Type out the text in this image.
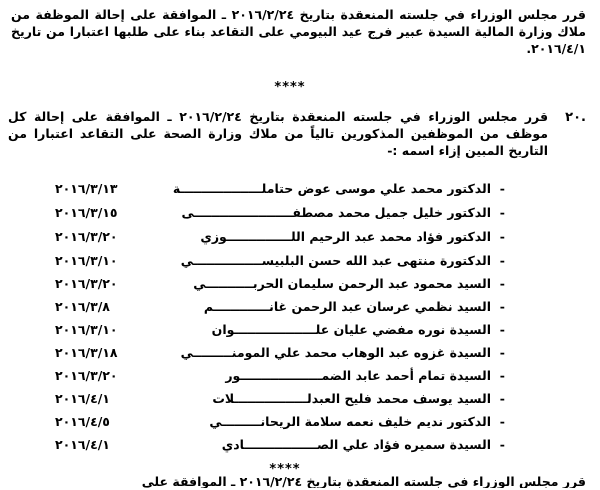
قرر مجلس الوزراء في جلسته المنعقدة بتاريخ ٢٠١٦/٢/٢٤ ـ الموافقة على إحالة الموظفة من ملاك وزارة المالية السيدة عبير فرج عيد البيومي على التقاعد بناء على طلبها اعتبارا من تاريخ ٢٠١٦/٤/١.
****
٢٠.
قرر مجلس الوزراء في جلسته المنعقدة بتاريخ ٢٠١٦/٢/٢٤ ـ الموافقة على إحالة كل موظف من الموظفين المذكورين تالياً من ملاك وزارة الصحة على التقاعد اعتبارا من التاريخ المبين إزاء اسمه :-
-
الدكتور محمد علي موسى عوض حتاملـــــــــــــــــــة
٢٠١٦/٣/١٣
-
الدكتور خليل جميل محمد مصطفـــــــــــــــــــــــى
٢٠١٦/٣/١٥
-
الدكتور فؤاد محمد عبد الرحيم اللـــــــــــــــوزي
٢٠١٦/٣/٢٠
-
الدكتورة منتهى عبد الله حسن البلبيســــــــــــــــي
٢٠١٦/٣/١٠
-
السيد محمود عبد الرحمن سليمان الحربـــــــــــي
٢٠١٦/٣/٢٠
-
السيد نظمي عرسان عبد الرحمن غانـــــــــــــم
٢٠١٦/٣/٨
-
السيدة نوره مفضي عليان علـــــــــــــــــــوان
٢٠١٦/٣/١٠
-
السيدة غزوه عبد الوهاب محمد علي المومنـــــــــي
٢٠١٦/٣/١٨
-
السيدة تمام أحمد عابد الضمـــــــــــــــــــور
٢٠١٦/٣/٢٠
-
السيد يوسف محمد فليح العبدلـــــــــــــــــلات
٢٠١٦/٤/١
-
الدكتور نديم خليف نعمه سلامة الريحانـــــــــي
٢٠١٦/٤/٥
-
السيدة سميره فؤاد علي الصـــــــــــــــــادي
٢٠١٦/٤/١
****
قرر مجلس الوزراء في جلسته المنعقدة بتاريخ ٢٠١٦/٢/٢٤ ـ الموافقة على
